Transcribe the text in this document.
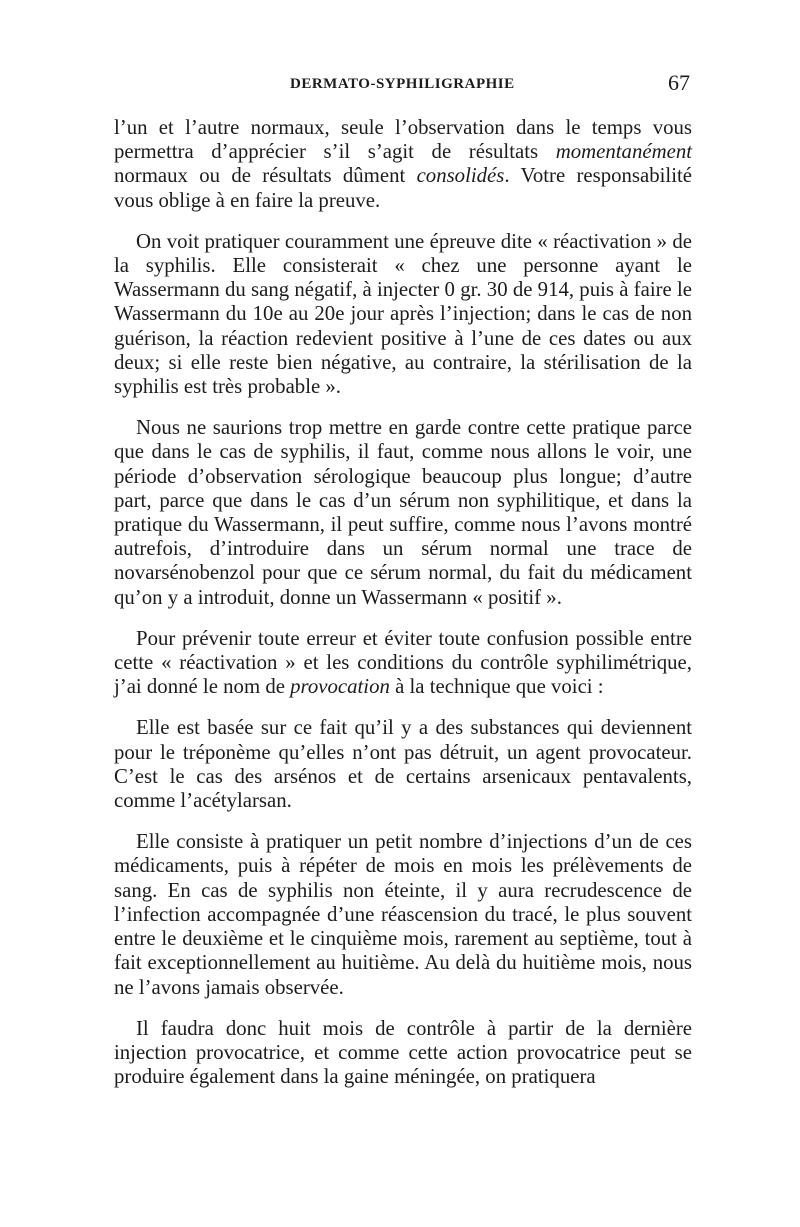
DERMATO-SYPHILIGRAPHIE	67

l’un et l’autre normaux, seule l’observation dans le temps vous permettra d’apprécier s’il s’agit de résultats momentanément normaux ou de résultats dûment consolidés. Votre responsabilité vous oblige à en faire la preuve.

On voit pratiquer couramment une épreuve dite « réactivation » de la syphilis. Elle consisterait « chez une personne ayant le Wassermann du sang négatif, à injecter 0 gr. 30 de 914, puis à faire le Wassermann du 10e au 20e jour après l’injection; dans le cas de non guérison, la réaction redevient positive à l’une de ces dates ou aux deux; si elle reste bien négative, au contraire, la stérilisation de la syphilis est très probable ».

Nous ne saurions trop mettre en garde contre cette pratique parce que dans le cas de syphilis, il faut, comme nous allons le voir, une période d’observation sérologique beaucoup plus longue; d’autre part, parce que dans le cas d’un sérum non syphilitique, et dans la pratique du Wassermann, il peut suffire, comme nous l’avons montré autrefois, d’introduire dans un sérum normal une trace de novarsénobenzol pour que ce sérum normal, du fait du médicament qu’on y a introduit, donne un Wassermann « positif ».

Pour prévenir toute erreur et éviter toute confusion possible entre cette « réactivation » et les conditions du contrôle syphilimétrique, j’ai donné le nom de provocation à la technique que voici :

Elle est basée sur ce fait qu’il y a des substances qui deviennent pour le tréponème qu’elles n’ont pas détruit, un agent provocateur. C’est le cas des arsénos et de certains arsenicaux pentavalents, comme l’acétylarsan.

Elle consiste à pratiquer un petit nombre d’injections d’un de ces médicaments, puis à répéter de mois en mois les prélèvements de sang. En cas de syphilis non éteinte, il y aura recrudescence de l’infection accompagnée d’une réascension du tracé, le plus souvent entre le deuxième et le cinquième mois, rarement au septième, tout à fait exceptionnellement au huitième. Au delà du huitième mois, nous ne l’avons jamais observée.

Il faudra donc huit mois de contrôle à partir de la dernière injection provocatrice, et comme cette action provocatrice peut se produire également dans la gaine méningée, on pratiquera
